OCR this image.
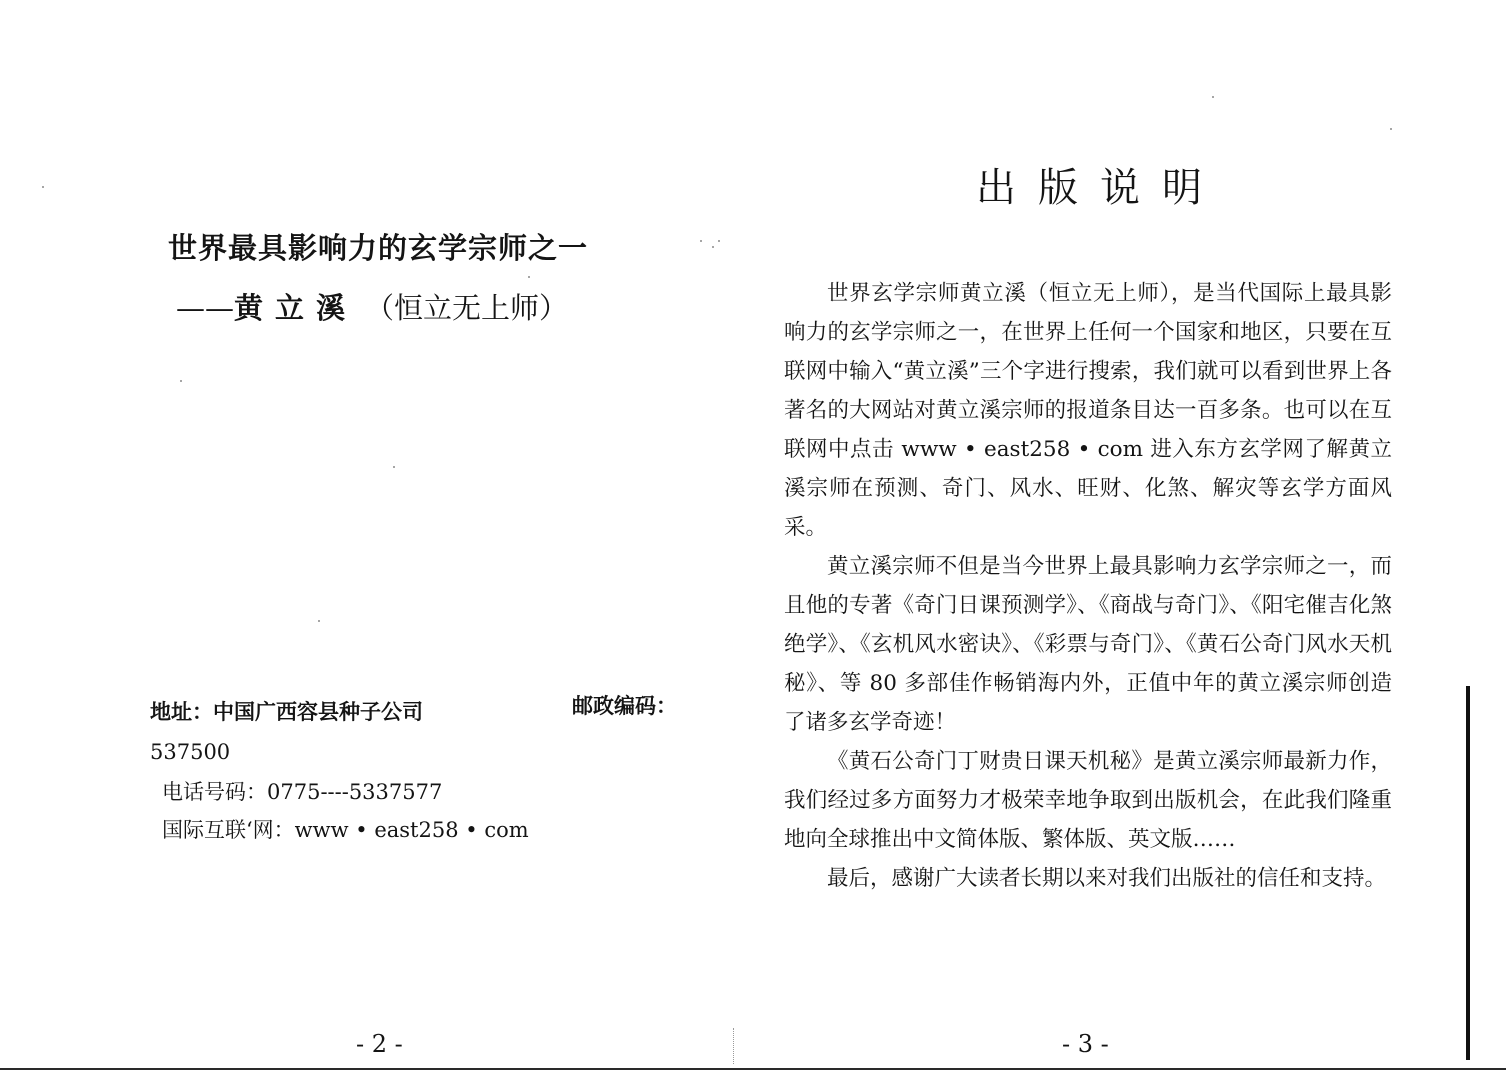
世界最具影响力的玄学宗师之一
——黄立溪 （恒立无上师）

地址：中国广西容县种子公司	邮政编码：

537500

电话号码：0775----5337577

国际互联‘网：www • east258 • com

- 2 -

出版说明

世界玄学宗师黄立溪（恒立无上师），是当代国际上最具影响力的玄学宗师之一，在世界上任何一个国家和地区，只要在互联网中输入“黄立溪”三个字进行搜索，我们就可以看到世界上各著名的大网站对黄立溪宗师的报道条目达一百多条。也可以在互联网中点击 www • east258 • com 进入东方玄学网了解黄立溪宗师在预测、奇门、风水、旺财、化煞、解灾等玄学方面风采。

黄立溪宗师不但是当今世界上最具影响力玄学宗师之一，而且他的专著《奇门日课预测学》、《商战与奇门》、《阳宅催吉化煞绝学》、《玄机风水密诀》、《彩票与奇门》、《黄石公奇门风水天机秘》、等 80 多部佳作畅销海内外，正值中年的黄立溪宗师创造了诸多玄学奇迹！

《黄石公奇门丁财贵日课天机秘》是黄立溪宗师最新力作，我们经过多方面努力才极荣幸地争取到出版机会，在此我们隆重地向全球推出中文简体版、繁体版、英文版……

最后，感谢广大读者长期以来对我们出版社的信任和支持。

- 3 -
